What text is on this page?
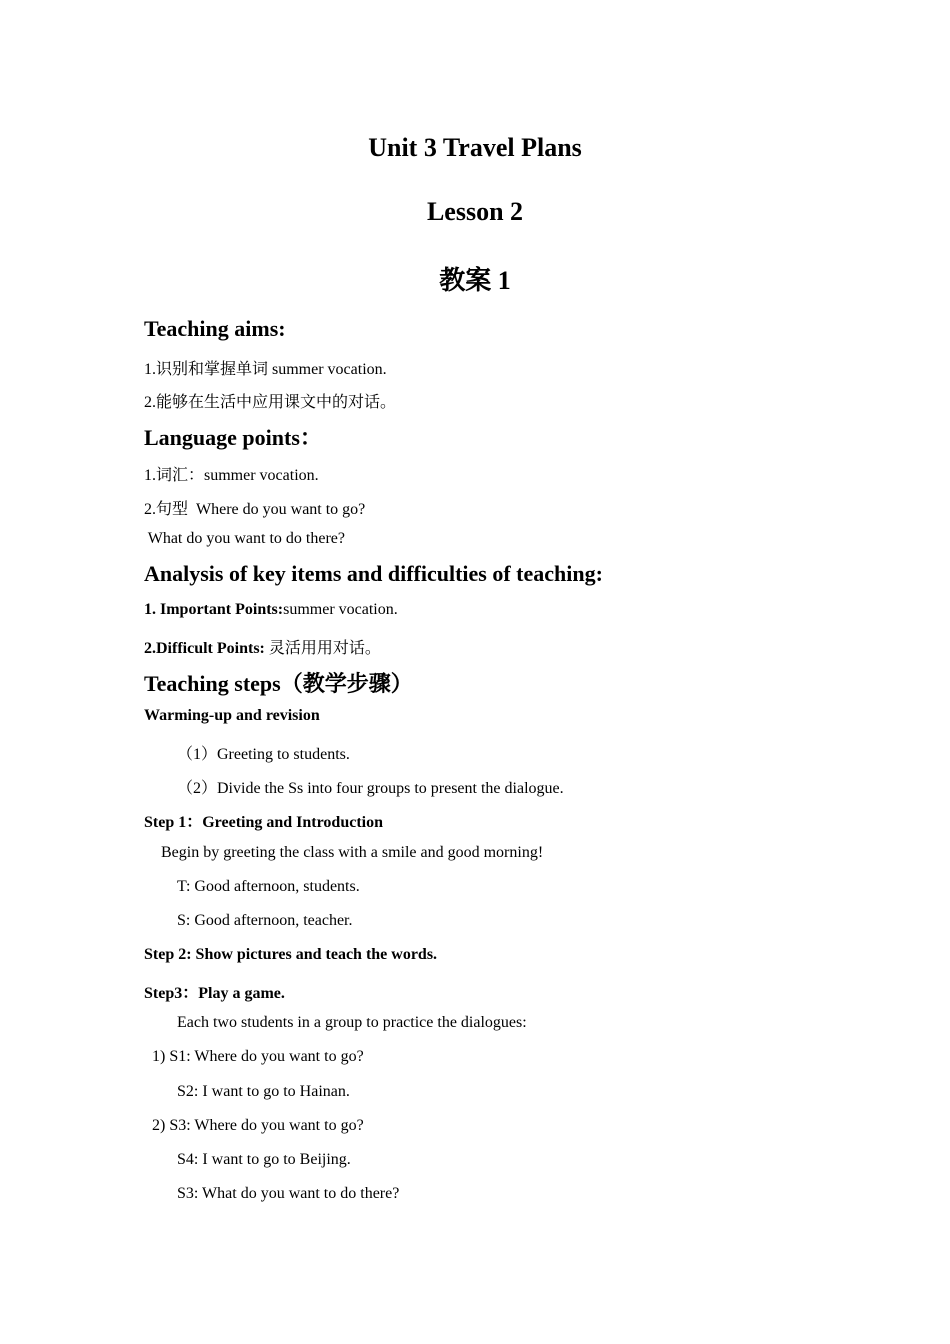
Unit 3 Travel Plans
Lesson 2
教案 1
Teaching aims:
1.识别和掌握单词 summer vocation.
2.能够在生活中应用课文中的对话。
Language points：
1.词汇：summer vocation.
2.句型  Where do you want to go?
What do you want to do there?
Analysis of key items and difficulties of teaching:
1. Important Points:summer vocation.
2.Difficult Points: 灵活用用对话。
Teaching steps（教学步骤）
Warming-up and revision
（1）Greeting to students.
（2）Divide the Ss into four groups to present the dialogue.
Step 1：Greeting and Introduction
Begin by greeting the class with a smile and good morning!
T: Good afternoon, students.
S: Good afternoon, teacher.
Step 2: Show pictures and teach the words.
Step3：Play a game.
Each two students in a group to practice the dialogues:
1) S1: Where do you want to go?
S2: I want to go to Hainan.
2) S3: Where do you want to go?
S4: I want to go to Beijing.
S3: What do you want to do there?
